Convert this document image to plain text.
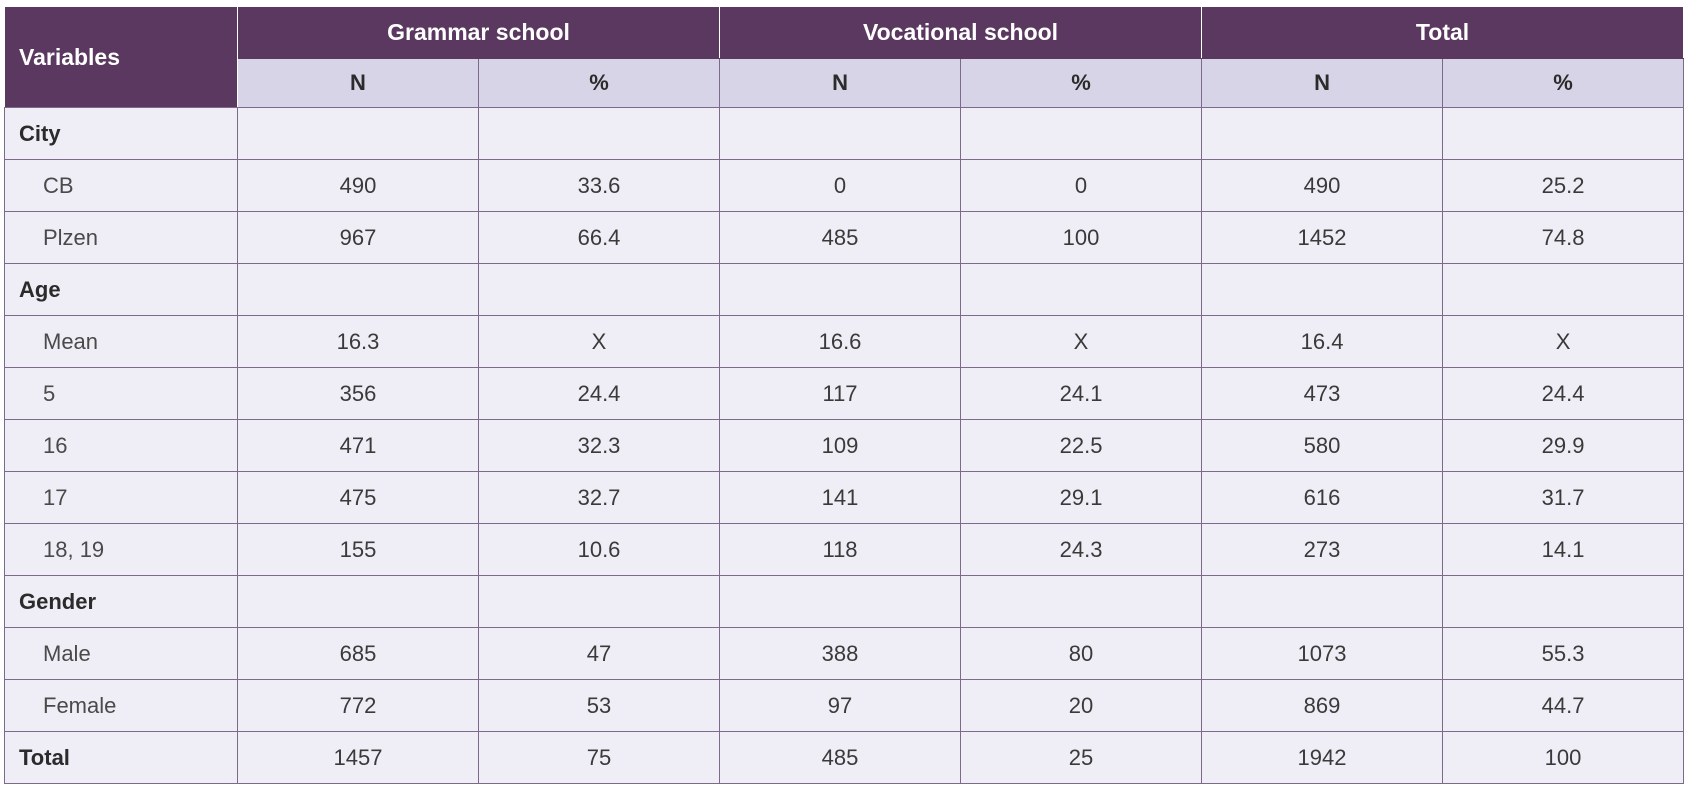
Variables	Grammar school		Vocational school		Total	
	N	%	N	%	N	%
City						
CB	490	33.6	0	0	490	25.2
Plzen	967	66.4	485	100	1452	74.8
Age						
Mean	16.3	X	16.6	X	16.4	X
5	356	24.4	117	24.1	473	24.4
16	471	32.3	109	22.5	580	29.9
17	475	32.7	141	29.1	616	31.7
18, 19	155	10.6	118	24.3	273	14.1
Gender						
Male	685	47	388	80	1073	55.3
Female	772	53	97	20	869	44.7
Total	1457	75	485	25	1942	100
